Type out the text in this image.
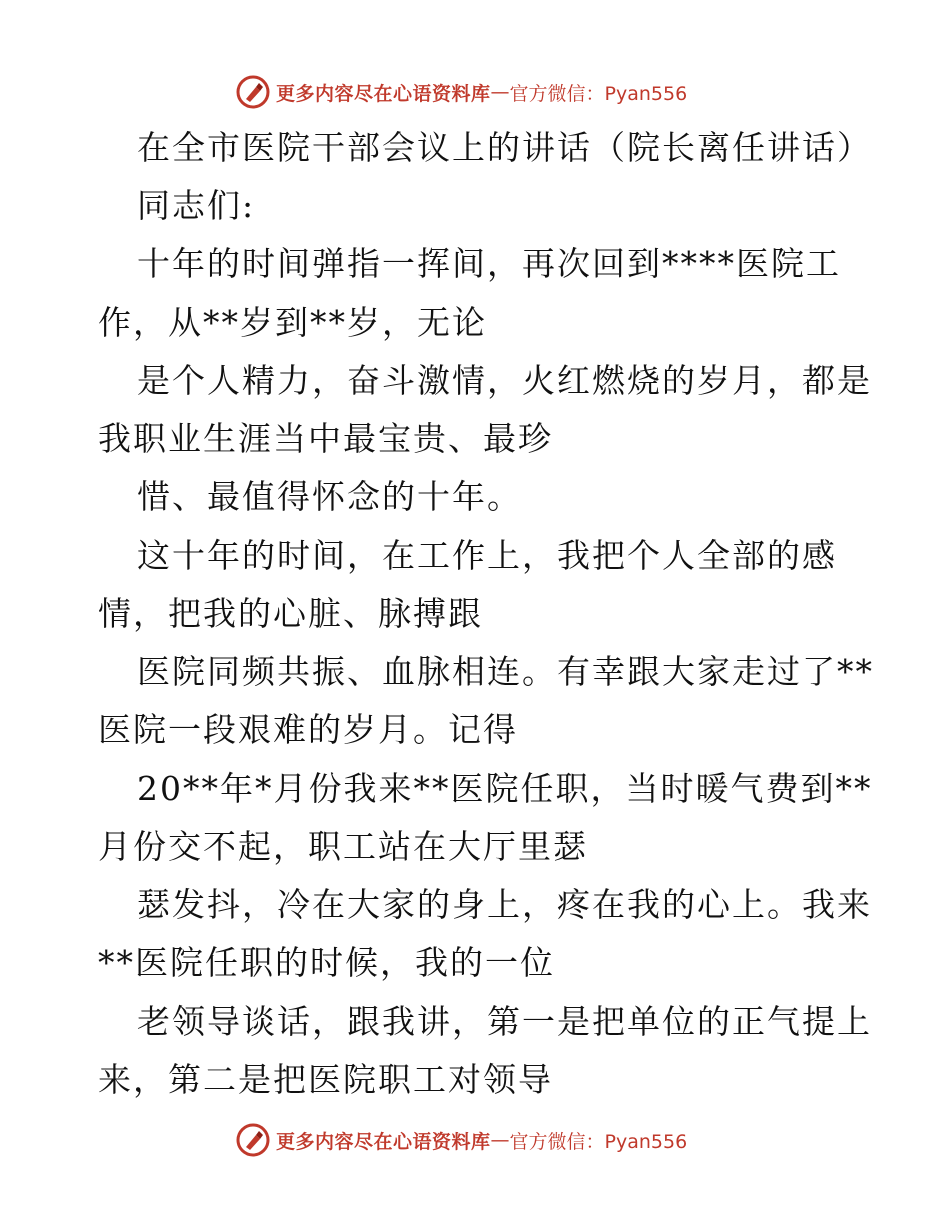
更多内容尽在心语资料库 — 官方微信：Pyan556
在全市医院干部会议上的讲话（院长离任讲话）
同志们:
十年的时间弹指一挥间，再次回到****医院工
作，从**岁到**岁，无论
是个人精力，奋斗激情，火红燃烧的岁月，都是
我职业生涯当中最宝贵、最珍
惜、最值得怀念的十年。
这十年的时间，在工作上，我把个人全部的感
情，把我的心脏、脉搏跟
医院同频共振、血脉相连。有幸跟大家走过了**
医院一段艰难的岁月。记得
20**年*月份我来**医院任职，当时暖气费到**
月份交不起，职工站在大厅里瑟
瑟发抖，冷在大家的身上，疼在我的心上。我来
**医院任职的时候，我的一位
老领导谈话，跟我讲，第一是把单位的正气提上
来，第二是把医院职工对领导
更多内容尽在心语资料库 — 官方微信：Pyan556
